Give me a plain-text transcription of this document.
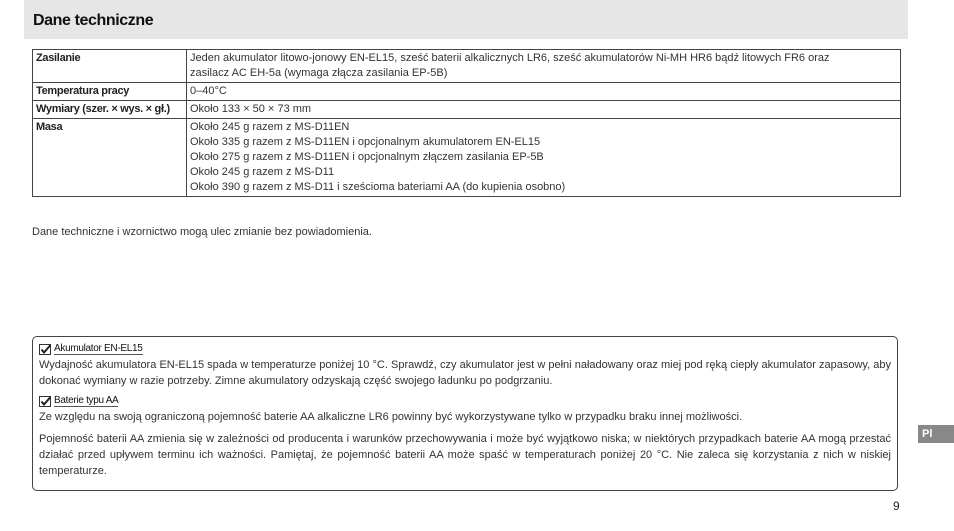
Dane techniczne
Zasilanie	Jeden akumulator litowo-jonowy EN-EL15, sześć baterii alkalicznych LR6, sześć akumulatorów Ni-MH HR6 bądź litowych FR6 oraz
zasilacz AC EH-5a (wymaga złącza zasilania EP-5B)

Temperatura pracy	0–40°C

Wymiary (szer. × wys. × gł.)	Około 133 × 50 × 73 mm

Masa	Około 245 g razem z MS-D11EN
Około 335 g razem z MS-D11EN i opcjonalnym akumulatorem EN-EL15
Około 275 g razem z MS-D11EN i opcjonalnym złączem zasilania EP-5B
Około 245 g razem z MS-D11
Około 390 g razem z MS-D11 i sześcioma bateriami AA (do kupienia osobno)
Dane techniczne i wzornictwo mogą ulec zmianie bez powiadomienia.
Akumulator EN-EL15

Wydajność akumulatora EN-EL15 spada w temperaturze poniżej 10 °C. Sprawdź, czy akumulator jest w pełni naładowany oraz miej pod ręką ciepły akumulator zapasowy, aby dokonać wymiany w razie potrzeby. Zimne akumulatory odzyskają część swojego ładunku po podgrzaniu.

Baterie typu AA

Ze względu na swoją ograniczoną pojemność baterie AA alkaliczne LR6 powinny być wykorzystywane tylko w przypadku braku innej możliwości.

Pojemność baterii AA zmienia się w zależności od producenta i warunków przechowywania i może być wyjątkowo niska; w niektórych przypadkach baterie AA mogą przestać działać przed upływem terminu ich ważności. Pamiętaj, że pojemność baterii AA może spaść w temperaturach poniżej 20 °C. Nie zaleca się korzystania z nich w niskiej temperaturze.

Pl
9
